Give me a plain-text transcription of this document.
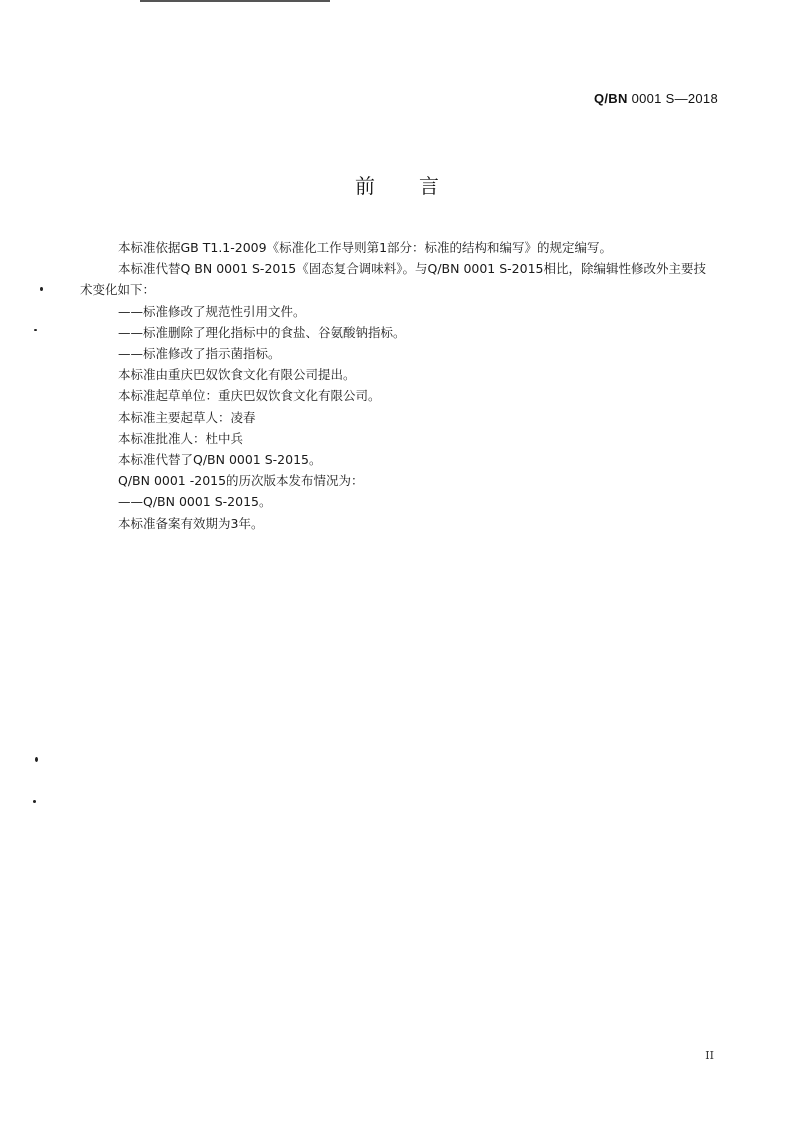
Q/BN 0001 S—2018
前言

本标准依据GB T1.1-2009《标准化工作导则第1部分：标准的结构和编写》的规定编写。

本标准代替Q BN 0001 S-2015《固态复合调味料》。与Q/BN 0001 S-2015相比，除编辑性修改外主要技术变化如下：

——标准修改了规范性引用文件。

——标准删除了理化指标中的食盐、谷氨酸钠指标。

——标准修改了指示菌指标。

本标准由重庆巴奴饮食文化有限公司提出。

本标准起草单位：重庆巴奴饮食文化有限公司。

本标准主要起草人：凌春

本标准批准人：杜中兵

本标准代替了Q/BN 0001 S-2015。

Q/BN 0001 -2015的历次版本发布情况为：

——Q/BN 0001 S-2015。

本标准备案有效期为3年。

II
